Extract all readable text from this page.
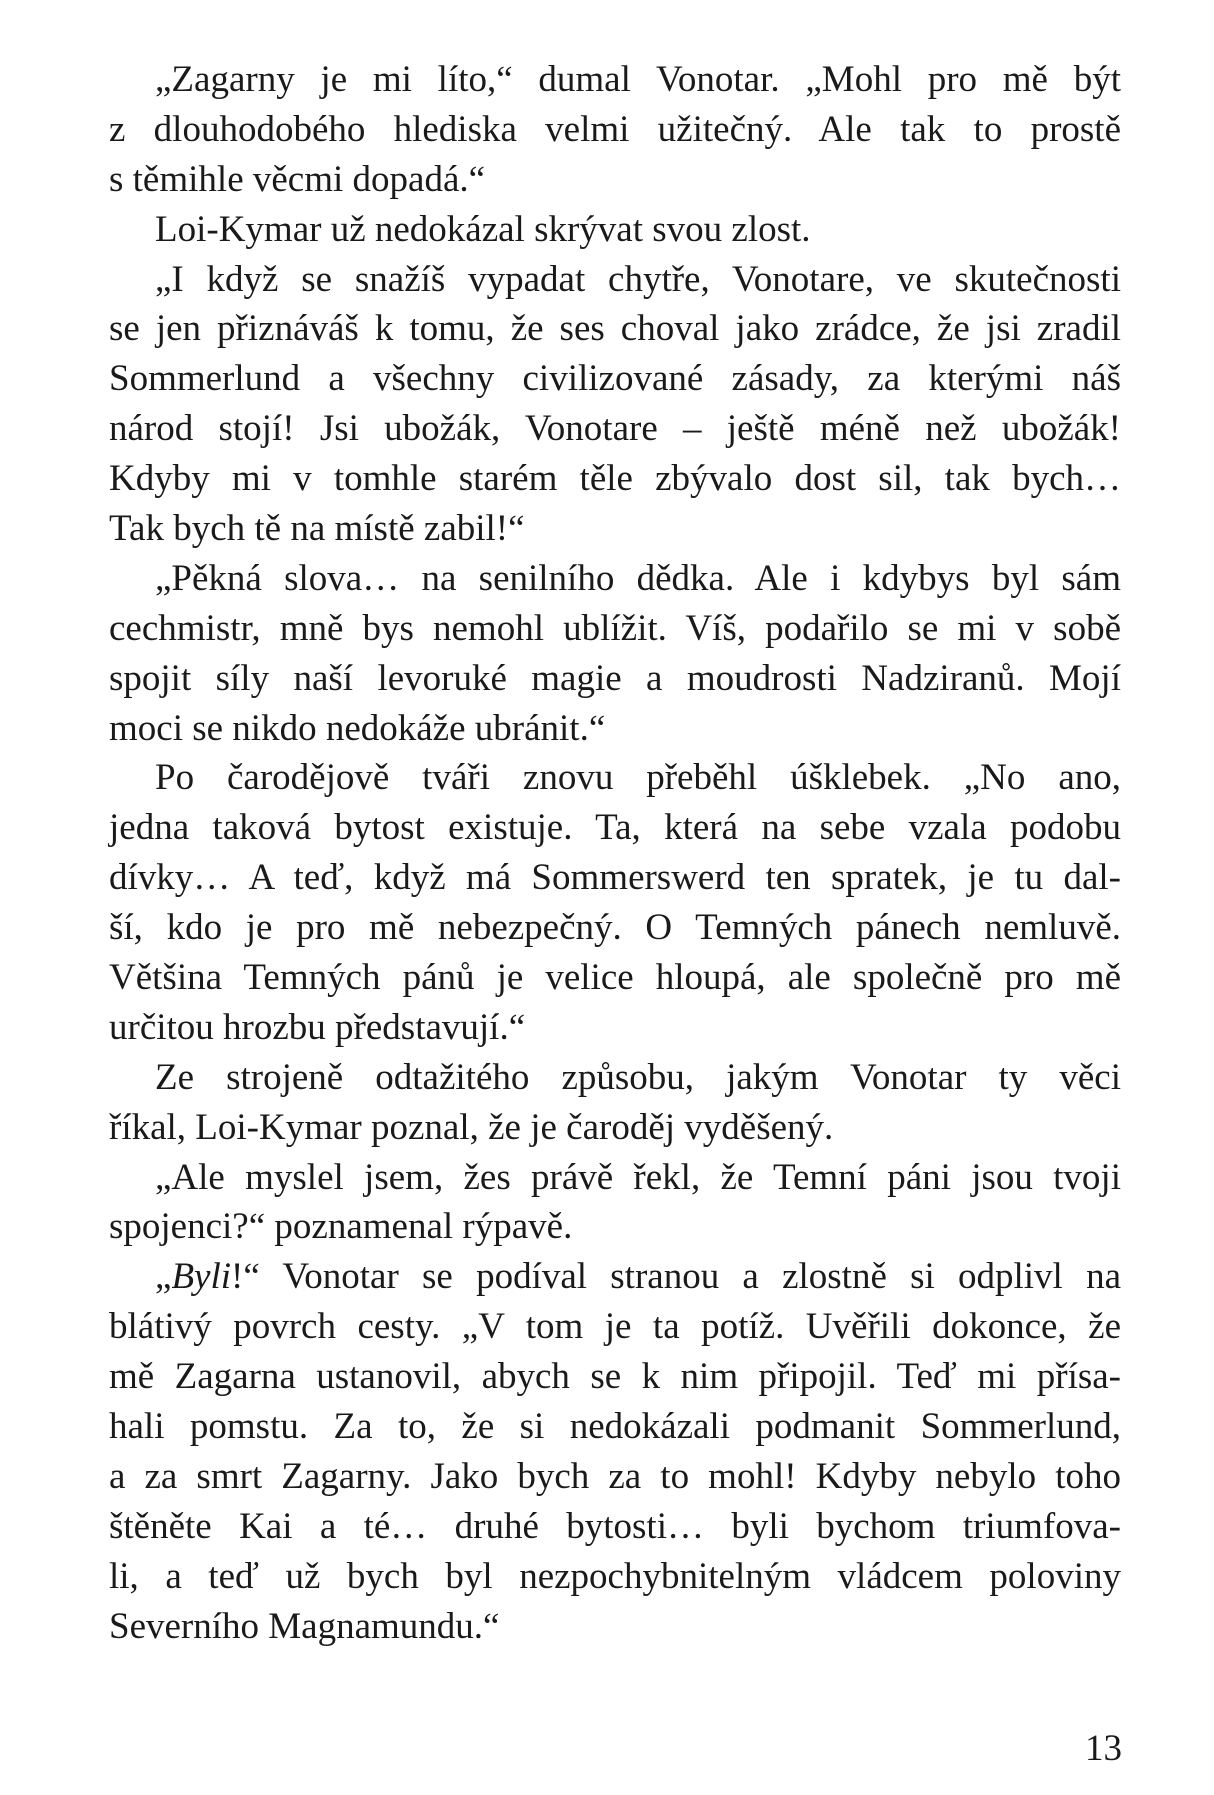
„Zagarny je mi líto,“ dumal Vonotar. „Mohl pro mě být
z dlouhodobého hlediska velmi užitečný. Ale tak to prostě
s těmihle věcmi dopadá.“
Loi-Kymar už nedokázal skrývat svou zlost.
„I když se snažíš vypadat chytře, Vonotare, ve skutečnosti
se jen přiznáváš k tomu, že ses choval jako zrádce, že jsi zradil
Sommerlund a všechny civilizované zásady, za kterými náš
národ stojí! Jsi ubožák, Vonotare – ještě méně než ubožák!
Kdyby mi v tomhle starém těle zbývalo dost sil, tak bych…
Tak bych tě na místě zabil!“
„Pěkná slova… na senilního dědka. Ale i kdybys byl sám
cechmistr, mně bys nemohl ublížit. Víš, podařilo se mi v sobě
spojit síly naší levoruké magie a moudrosti Nadziranů. Mojí
moci se nikdo nedokáže ubránit.“
Po čarodějově tváři znovu přeběhl úšklebek. „No ano,
jedna taková bytost existuje. Ta, která na sebe vzala podobu
dívky… A teď, když má Sommerswerd ten spratek, je tu dal-
ší, kdo je pro mě nebezpečný. O Temných pánech nemluvě.
Většina Temných pánů je velice hloupá, ale společně pro mě
určitou hrozbu představují.“
Ze strojeně odtažitého způsobu, jakým Vonotar ty věci
říkal, Loi-Kymar poznal, že je čaroděj vyděšený.
„Ale myslel jsem, žes právě řekl, že Temní páni jsou tvoji
spojenci?“ poznamenal rýpavě.
„Byli!“ Vonotar se podíval stranou a zlostně si odplivl na
blátivý povrch cesty. „V tom je ta potíž. Uvěřili dokonce, že
mě Zagarna ustanovil, abych se k nim připojil. Teď mi přísa-
hali pomstu. Za to, že si nedokázali podmanit Sommerlund,
a za smrt Zagarny. Jako bych za to mohl! Kdyby nebylo toho
štěněte Kai a té… druhé bytosti… byli bychom triumfova-
li, a teď už bych byl nezpochybnitelným vládcem poloviny
Severního Magnamundu.“
13
